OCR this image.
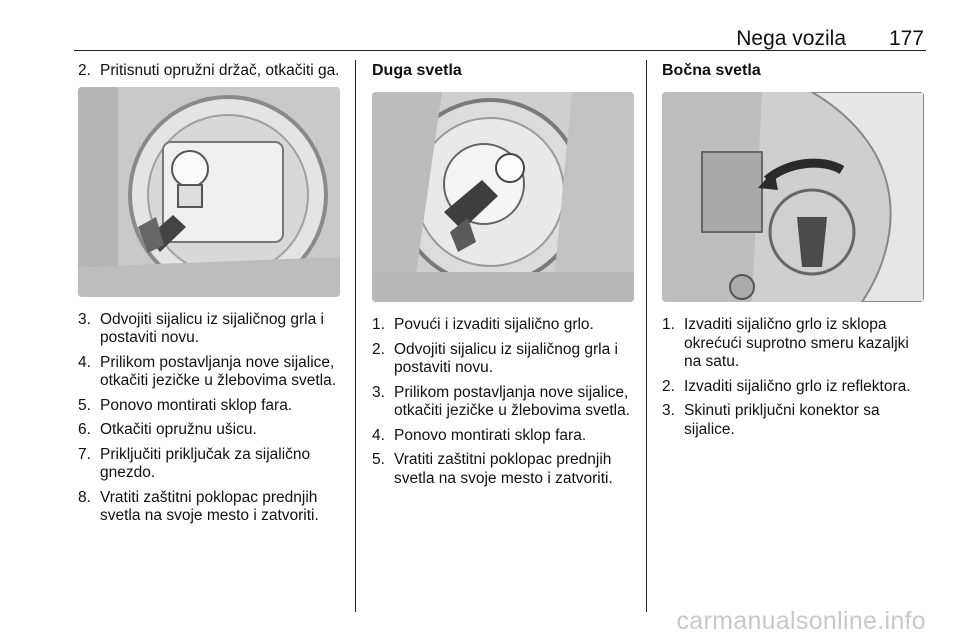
Nega vozila 177
2. Pritisnuti opružni držač, otkačiti ga.
3. Odvojiti sijalicu iz sijaličnog grla i postaviti novu.
4. Prilikom postavljanja nove sijalice, otkačiti jezičke u žlebovima svetla.
5. Ponovo montirati sklop fara.
6. Otkačiti opružnu ušicu.
7. Priključiti priključak za sijalično gnezdo.
8. Vratiti zaštitni poklopac prednjih svetla na svoje mesto i zatvoriti.
Duga svetla
1. Povući i izvaditi sijalično grlo.
2. Odvojiti sijalicu iz sijaličnog grla i postaviti novu.
3. Prilikom postavljanja nove sijalice, otkačiti jezičke u žlebovima svetla.
4. Ponovo montirati sklop fara.
5. Vratiti zaštitni poklopac prednjih svetla na svoje mesto i zatvoriti.
Bočna svetla
1. Izvaditi sijalično grlo iz sklopa okrećući suprotno smeru kazaljki na satu.
2. Izvaditi sijalično grlo iz reflektora.
3. Skinuti priključni konektor sa sijalice.
carmanualsonline.info
